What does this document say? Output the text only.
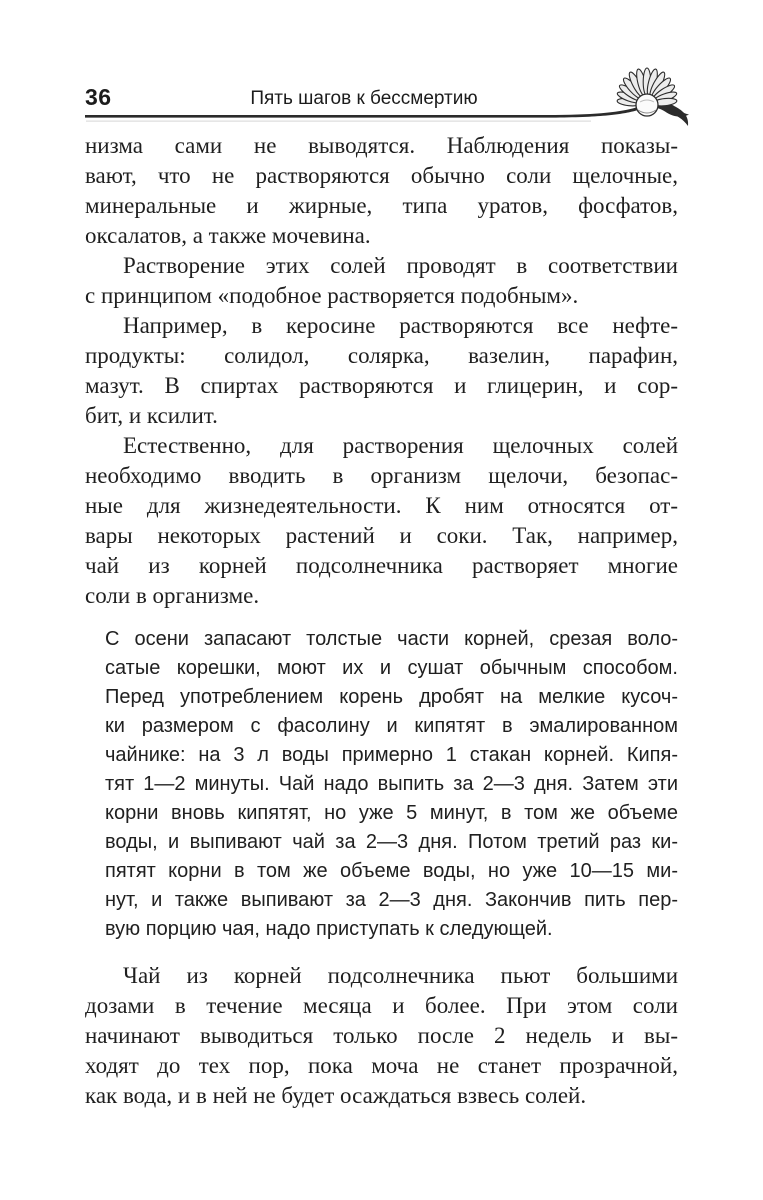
36	Пять шагов к бессмертию
низма сами не выводятся. Наблюдения показы-
вают, что не растворяются обычно соли щелочные,
минеральные и жирные, типа уратов, фосфатов,
оксалатов, а также мочевина.
Растворение этих солей проводят в соответствии
с принципом «подобное растворяется подобным».
Например, в керосине растворяются все нефте-
продукты: солидол, солярка, вазелин, парафин,
мазут. В спиртах растворяются и глицерин, и сор-
бит, и ксилит.
Естественно, для растворения щелочных солей
необходимо вводить в организм щелочи, безопас-
ные для жизнедеятельности. К ним относятся от-
вары некоторых растений и соки. Так, например,
чай из корней подсолнечника растворяет многие
соли в организме.
С осени запасают толстые части корней, срезая воло-
сатые корешки, моют их и сушат обычным способом.
Перед употреблением корень дробят на мелкие кусоч-
ки размером с фасолину и кипятят в эмалированном
чайнике: на 3 л воды примерно 1 стакан корней. Кипя-
тят 1—2 минуты. Чай надо выпить за 2—3 дня. Затем эти
корни вновь кипятят, но уже 5 минут, в том же объеме
воды, и выпивают чай за 2—3 дня. Потом третий раз ки-
пятят корни в том же объеме воды, но уже 10—15 ми-
нут, и также выпивают за 2—3 дня. Закончив пить пер-
вую порцию чая, надо приступать к следующей.
Чай из корней подсолнечника пьют большими
дозами в течение месяца и более. При этом соли
начинают выводиться только после 2 недель и вы-
ходят до тех пор, пока моча не станет прозрачной,
как вода, и в ней не будет осаждаться взвесь солей.
